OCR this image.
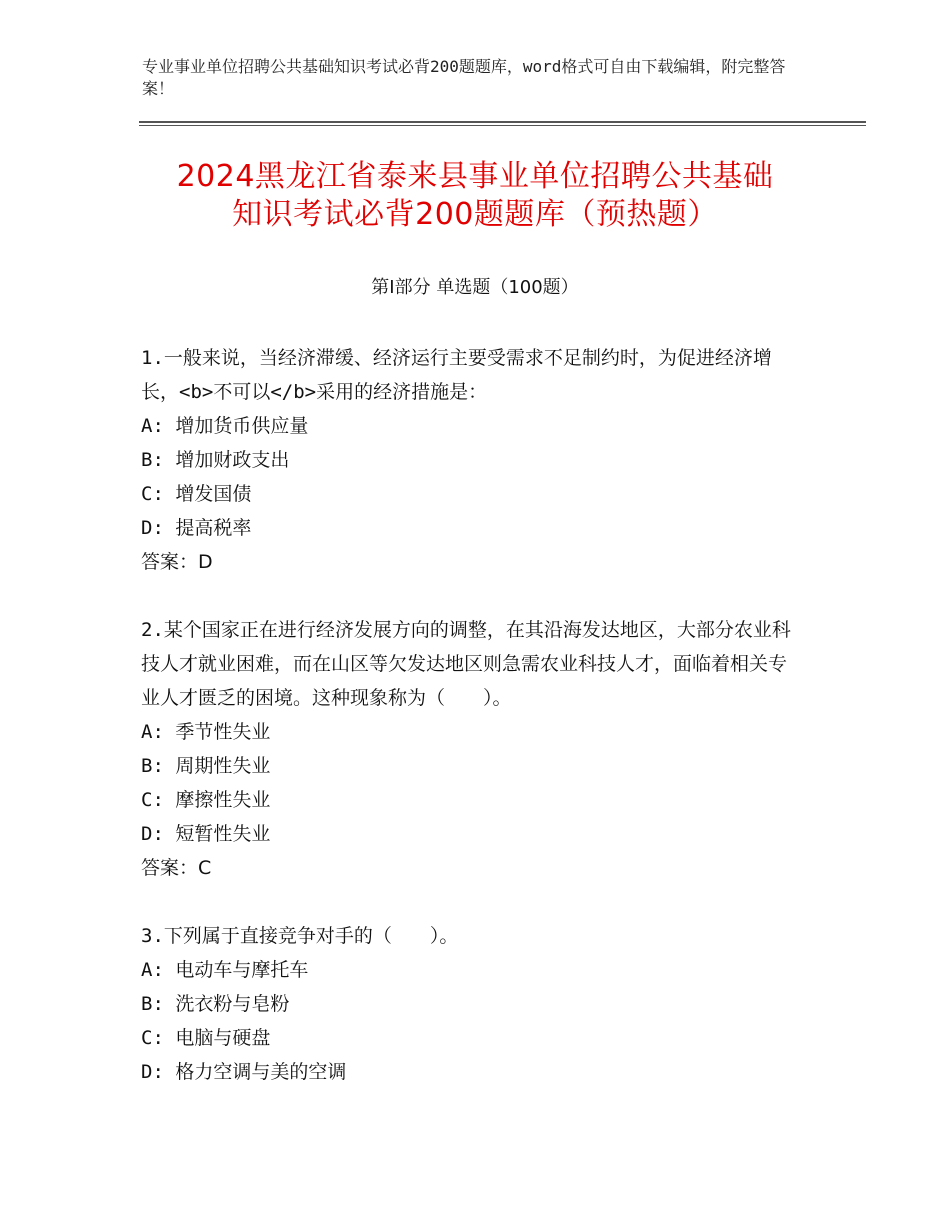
专业事业单位招聘公共基础知识考试必背200题题库，word格式可自由下载编辑，附完整答案！
2024黑龙江省泰来县事业单位招聘公共基础
知识考试必背200题题库（预热题）
第Ⅰ部分 单选题（100题）

1.一般来说，当经济滞缓、经济运行主要受需求不足制约时，为促进经济增长，<b>不可以</b>采用的经济措施是：

A: 增加货币供应量
B: 增加财政支出
C: 增发国债
D: 提高税率
答案：D

2.某个国家正在进行经济发展方向的调整，在其沿海发达地区，大部分农业科技人才就业困难，而在山区等欠发达地区则急需农业科技人才，面临着相关专业人才匮乏的困境。这种现象称为（　　）。

A: 季节性失业
B: 周期性失业
C: 摩擦性失业
D: 短暂性失业
答案：C

3.下列属于直接竞争对手的（　　）。

A: 电动车与摩托车
B: 洗衣粉与皂粉
C: 电脑与硬盘
D: 格力空调与美的空调
